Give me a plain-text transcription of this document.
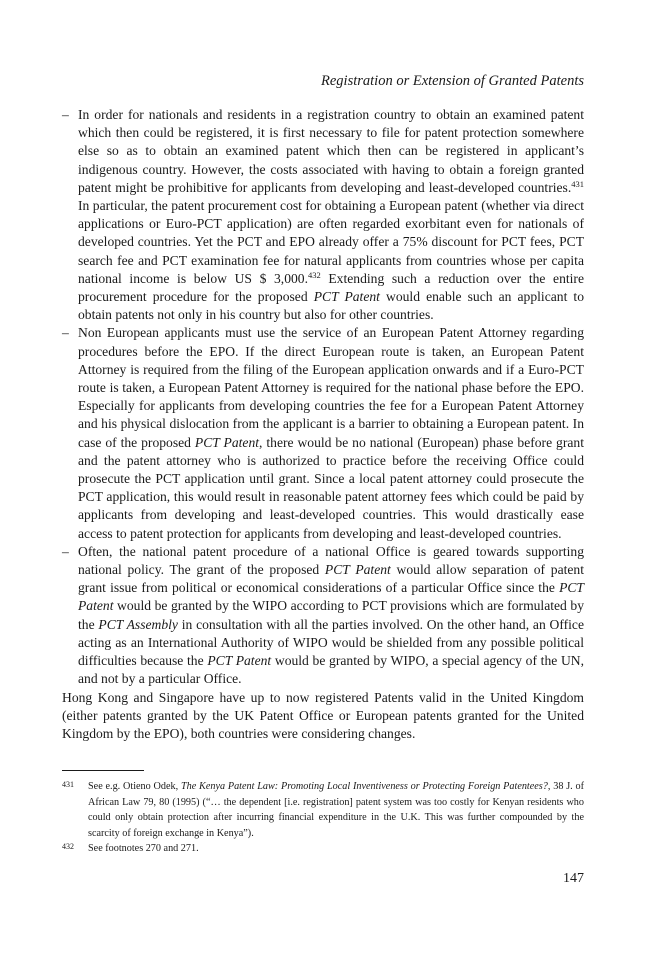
Registration or Extension of Granted Patents
– In order for nationals and residents in a registration country to obtain an examined patent which then could be registered, it is first necessary to file for patent protection somewhere else so as to obtain an examined patent which then can be registered in applicant’s indigenous country. However, the costs associated with having to obtain a foreign granted patent might be prohibitive for applicants from developing and least-developed countries.$^{431}$ In particular, the patent procurement cost for obtaining a European patent (whether via direct applications or Euro-PCT application) are often regarded exorbitant even for nationals of developed countries. Yet the PCT and EPO already offer a 75% discount for PCT fees, PCT search fee and PCT examination fee for natural applicants from countries whose per capita national income is below US $ 3,000.$^{432}$ Extending such a reduction over the entire procurement procedure for the proposed PCT Patent would enable such an applicant to obtain patents not only in his country but also for other countries.
– Non European applicants must use the service of an European Patent Attorney regarding procedures before the EPO. If the direct European route is taken, an European Patent Attorney is required from the filing of the European application onwards and if a Euro-PCT route is taken, a European Patent Attorney is required for the national phase before the EPO. Especially for applicants from developing countries the fee for a European Patent Attorney and his physical dislocation from the applicant is a barrier to obtaining a European patent. In case of the proposed PCT Patent, there would be no national (European) phase before grant and the patent attorney who is authorized to practice before the receiving Office could prosecute the PCT application until grant. Since a local patent attorney could prosecute the PCT application, this would result in reasonable patent attorney fees which could be paid by applicants from developing and least-developed countries. This would drastically ease access to patent protection for applicants from developing and least-developed countries.
– Often, the national patent procedure of a national Office is geared towards supporting national policy. The grant of the proposed PCT Patent would allow separation of patent grant issue from political or economical considerations of a particular Office since the PCT Patent would be granted by the WIPO according to PCT provisions which are formulated by the PCT Assembly in consultation with all the parties involved. On the other hand, an Office acting as an International Authority of WIPO would be shielded from any possible political difficulties because the PCT Patent would be granted by WIPO, a special agency of the UN, and not by a particular Office.

Hong Kong and Singapore have up to now registered Patents valid in the United Kingdom (either patents granted by the UK Patent Office or European patents granted for the United Kingdom by the EPO), both countries were considering changes.

431 See e.g. Otieno Odek, The Kenya Patent Law: Promoting Local Inventiveness or Protecting Foreign Patentees?, 38 J. of African Law 79, 80 (1995) (“… the dependent [i.e. registration] patent system was too costly for Kenyan residents who could only obtain protection after incurring financial expenditure in the U.K. This was further compounded by the scarcity of foreign exchange in Kenya”).

432 See footnotes 270 and 271.

147
